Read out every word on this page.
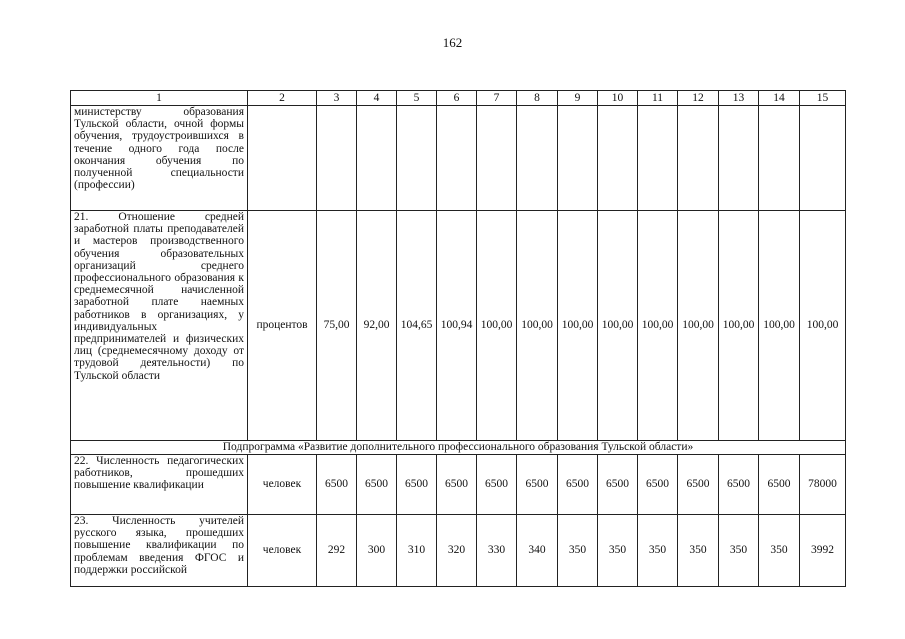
162
1	2	3	4	5	6	7	8	9	10	11	12	13	14	15
министерству образования Тульской области, очной формы обучения, трудоустроившихся в течение одного года после окончания обучения по полученной специальности (профессии)														
21. Отношение средней заработной платы преподавателей и мастеров производственного обучения образовательных организаций среднего профессионального образования к среднемесячной начисленной заработной плате наемных работников в организациях, у индивидуальных предпринимателей и физических лиц (среднемесячному доходу от трудовой деятельности) по Тульской области	процентов	75,00	92,00	104,65	100,94	100,00	100,00	100,00	100,00	100,00	100,00	100,00	100,00	100,00
Подпрограмма «Развитие дополнительного профессионального образования Тульской области»														
22. Численность педагогических работников, прошедших повышение квалификации	человек	6500	6500	6500	6500	6500	6500	6500	6500	6500	6500	6500	6500	78000
23. Численность учителей русского языка, прошедших повышение квалификации по проблемам введения ФГОС и поддержки российской	человек	292	300	310	320	330	340	350	350	350	350	350	350	3992
